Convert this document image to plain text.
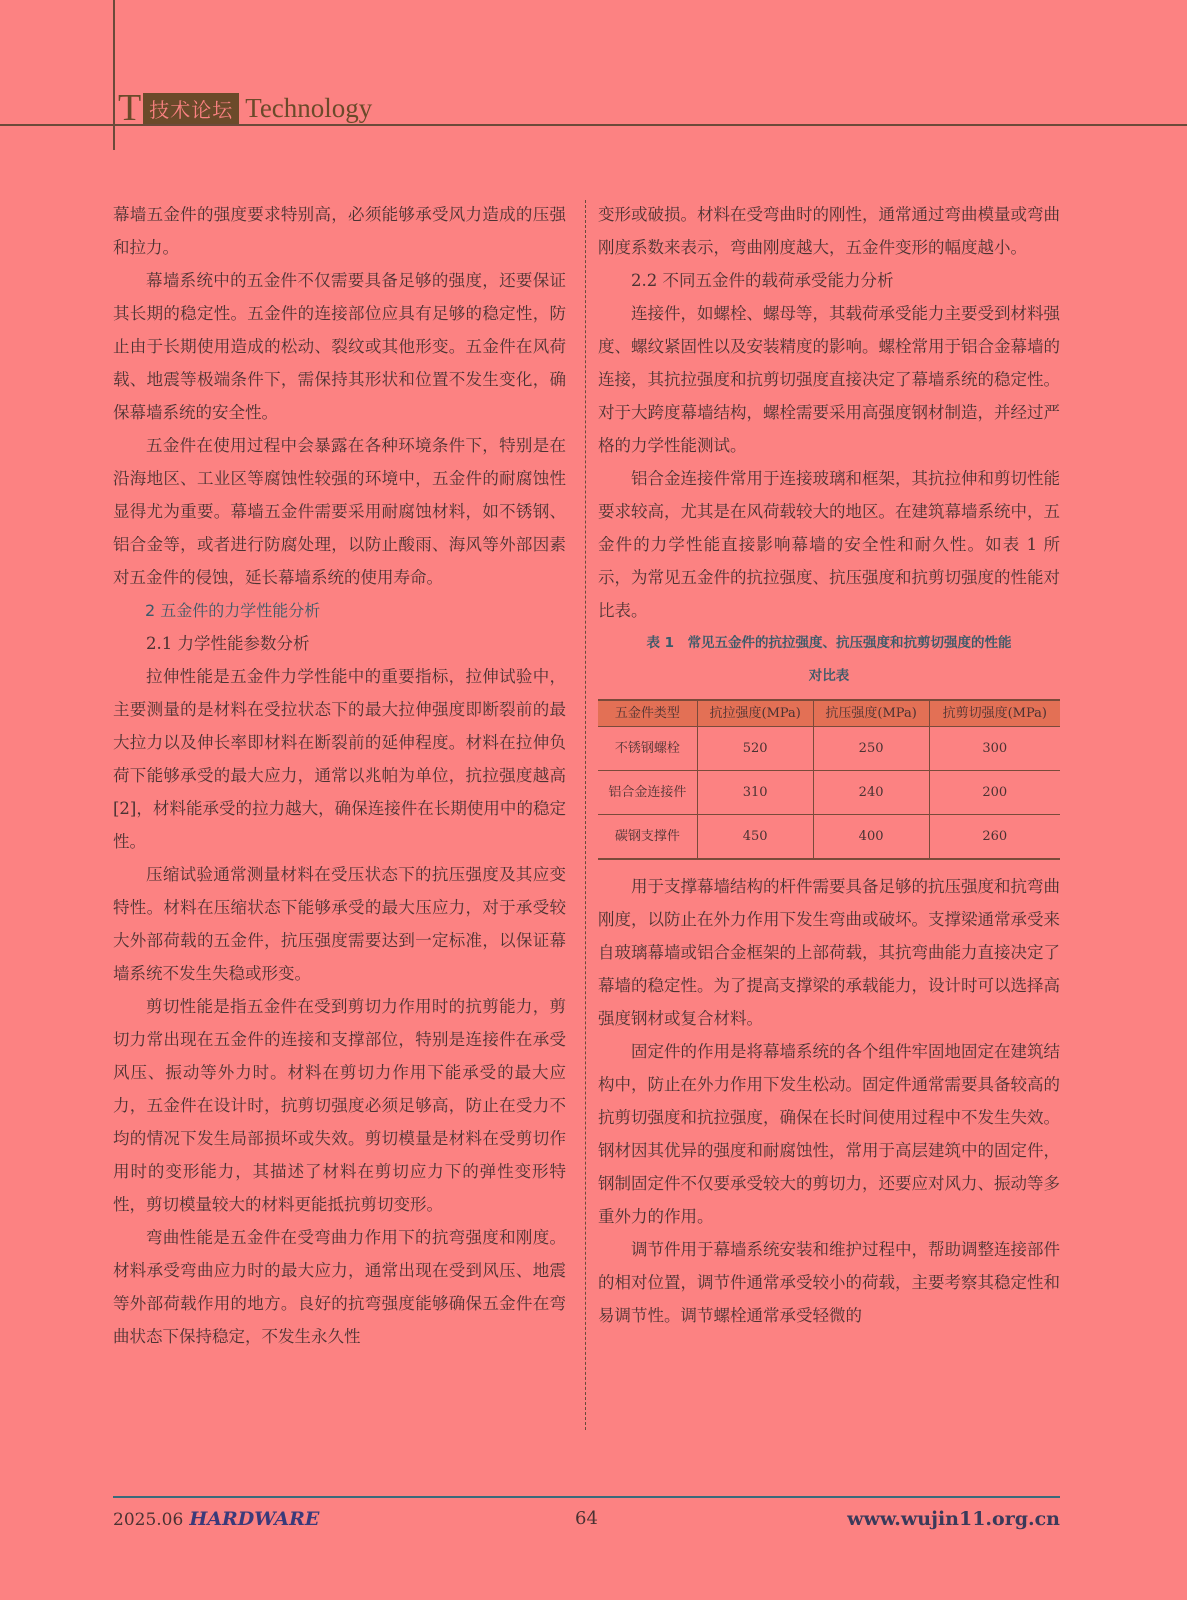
T 技术论坛 Technology

幕墙五金件的强度要求特别高，必须能够承受风力造成的压强和拉力。

幕墙系统中的五金件不仅需要具备足够的强度，还要保证其长期的稳定性。五金件的连接部位应具有足够的稳定性，防止由于长期使用造成的松动、裂纹或其他形变。五金件在风荷载、地震等极端条件下，需保持其形状和位置不发生变化，确保幕墙系统的安全性。

五金件在使用过程中会暴露在各种环境条件下，特别是在沿海地区、工业区等腐蚀性较强的环境中，五金件的耐腐蚀性显得尤为重要。幕墙五金件需要采用耐腐蚀材料，如不锈钢、铝合金等，或者进行防腐处理，以防止酸雨、海风等外部因素对五金件的侵蚀，延长幕墙系统的使用寿命。

2 五金件的力学性能分析

2.1 力学性能参数分析

拉伸性能是五金件力学性能中的重要指标，拉伸试验中，主要测量的是材料在受拉状态下的最大拉伸强度即断裂前的最大拉力以及伸长率即材料在断裂前的延伸程度。材料在拉伸负荷下能够承受的最大应力，通常以兆帕为单位，抗拉强度越高[2]，材料能承受的拉力越大，确保连接件在长期使用中的稳定性。

压缩试验通常测量材料在受压状态下的抗压强度及其应变特性。材料在压缩状态下能够承受的最大压应力，对于承受较大外部荷载的五金件，抗压强度需要达到一定标准，以保证幕墙系统不发生失稳或形变。

剪切性能是指五金件在受到剪切力作用时的抗剪能力，剪切力常出现在五金件的连接和支撑部位，特别是连接件在承受风压、振动等外力时。材料在剪切力作用下能承受的最大应力，五金件在设计时，抗剪切强度必须足够高，防止在受力不均的情况下发生局部损坏或失效。剪切模量是材料在受剪切作用时的变形能力，其描述了材料在剪切应力下的弹性变形特性，剪切模量较大的材料更能抵抗剪切变形。

弯曲性能是五金件在受弯曲力作用下的抗弯强度和刚度。材料承受弯曲应力时的最大应力，通常出现在受到风压、地震等外部荷载作用的地方。良好的抗弯强度能够确保五金件在弯曲状态下保持稳定，不发生永久性

变形或破损。材料在受弯曲时的刚性，通常通过弯曲模量或弯曲刚度系数来表示，弯曲刚度越大，五金件变形的幅度越小。

2.2 不同五金件的载荷承受能力分析

连接件，如螺栓、螺母等，其载荷承受能力主要受到材料强度、螺纹紧固性以及安装精度的影响。螺栓常用于铝合金幕墙的连接，其抗拉强度和抗剪切强度直接决定了幕墙系统的稳定性。对于大跨度幕墙结构，螺栓需要采用高强度钢材制造，并经过严格的力学性能测试。

铝合金连接件常用于连接玻璃和框架，其抗拉伸和剪切性能要求较高，尤其是在风荷载较大的地区。在建筑幕墙系统中，五金件的力学性能直接影响幕墙的安全性和耐久性。如表 1 所示，为常见五金件的抗拉强度、抗压强度和抗剪切强度的性能对比表。

表 1　常见五金件的抗拉强度、抗压强度和抗剪切强度的性能
对比表
五金件类型	抗拉强度(MPa)	抗压强度(MPa)	抗剪切强度(MPa)
不锈钢螺栓	520	250	300
铝合金连接件	310	240	200
碳钢支撑件	450	400	260

用于支撑幕墙结构的杆件需要具备足够的抗压强度和抗弯曲刚度，以防止在外力作用下发生弯曲或破坏。支撑梁通常承受来自玻璃幕墙或铝合金框架的上部荷载，其抗弯曲能力直接决定了幕墙的稳定性。为了提高支撑梁的承载能力，设计时可以选择高强度钢材或复合材料。

固定件的作用是将幕墙系统的各个组件牢固地固定在建筑结构中，防止在外力作用下发生松动。固定件通常需要具备较高的抗剪切强度和抗拉强度，确保在长时间使用过程中不发生失效。钢材因其优异的强度和耐腐蚀性，常用于高层建筑中的固定件，钢制固定件不仅要承受较大的剪切力，还要应对风力、振动等多重外力的作用。

调节件用于幕墙系统安装和维护过程中，帮助调整连接部件的相对位置，调节件通常承受较小的荷载，主要考察其稳定性和易调节性。调节螺栓通常承受轻微的

2025.06 HARDWARE	64	www.wujin11.org.cn
